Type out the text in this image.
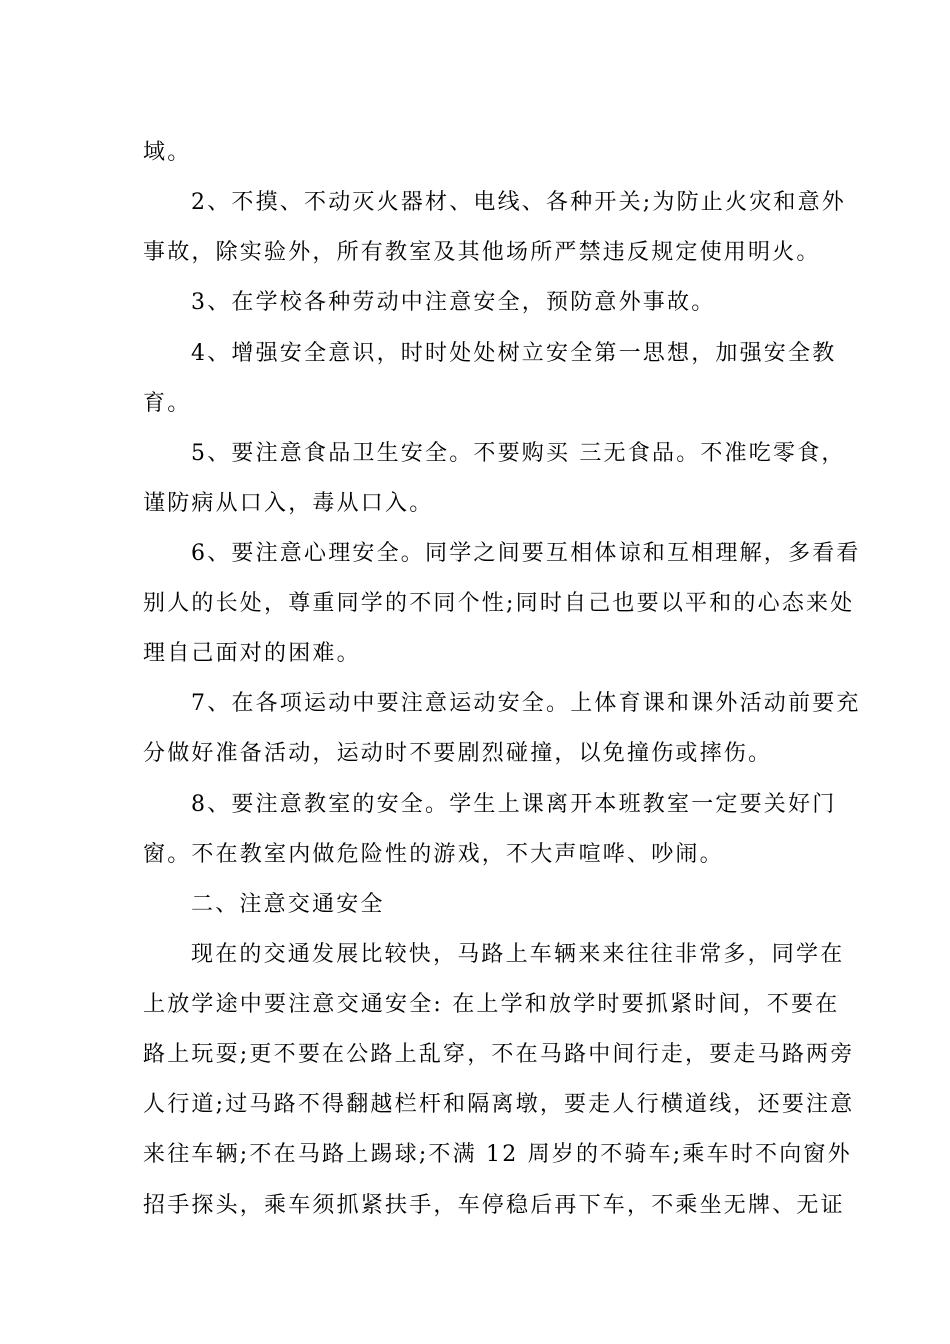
域。
2、不摸、不动灭火器材、电线、各种开关;为防止火灾和意外
事故，除实验外，所有教室及其他场所严禁违反规定使用明火。
3、在学校各种劳动中注意安全，预防意外事故。
4、增强安全意识，时时处处树立安全第一思想，加强安全教
育。
5、要注意食品卫生安全。不要购买 三无食品。不准吃零食，
谨防病从口入，毒从口入。
6、要注意心理安全。同学之间要互相体谅和互相理解，多看看
别人的长处，尊重同学的不同个性;同时自己也要以平和的心态来处
理自己面对的困难。
7、在各项运动中要注意运动安全。上体育课和课外活动前要充
分做好准备活动，运动时不要剧烈碰撞，以免撞伤或摔伤。
8、要注意教室的安全。学生上课离开本班教室一定要关好门
窗。不在教室内做危险性的游戏，不大声喧哗、吵闹。
二、注意交通安全
现在的交通发展比较快，马路上车辆来来往往非常多，同学在
上放学途中要注意交通安全: 在上学和放学时要抓紧时间，不要在
路上玩耍;更不要在公路上乱穿，不在马路中间行走，要走马路两旁
人行道;过马路不得翻越栏杆和隔离墩，要走人行横道线，还要注意
来往车辆;不在马路上踢球;不满 12 周岁的不骑车;乘车时不向窗外
招手探头，乘车须抓紧扶手，车停稳后再下车，不乘坐无牌、无证
